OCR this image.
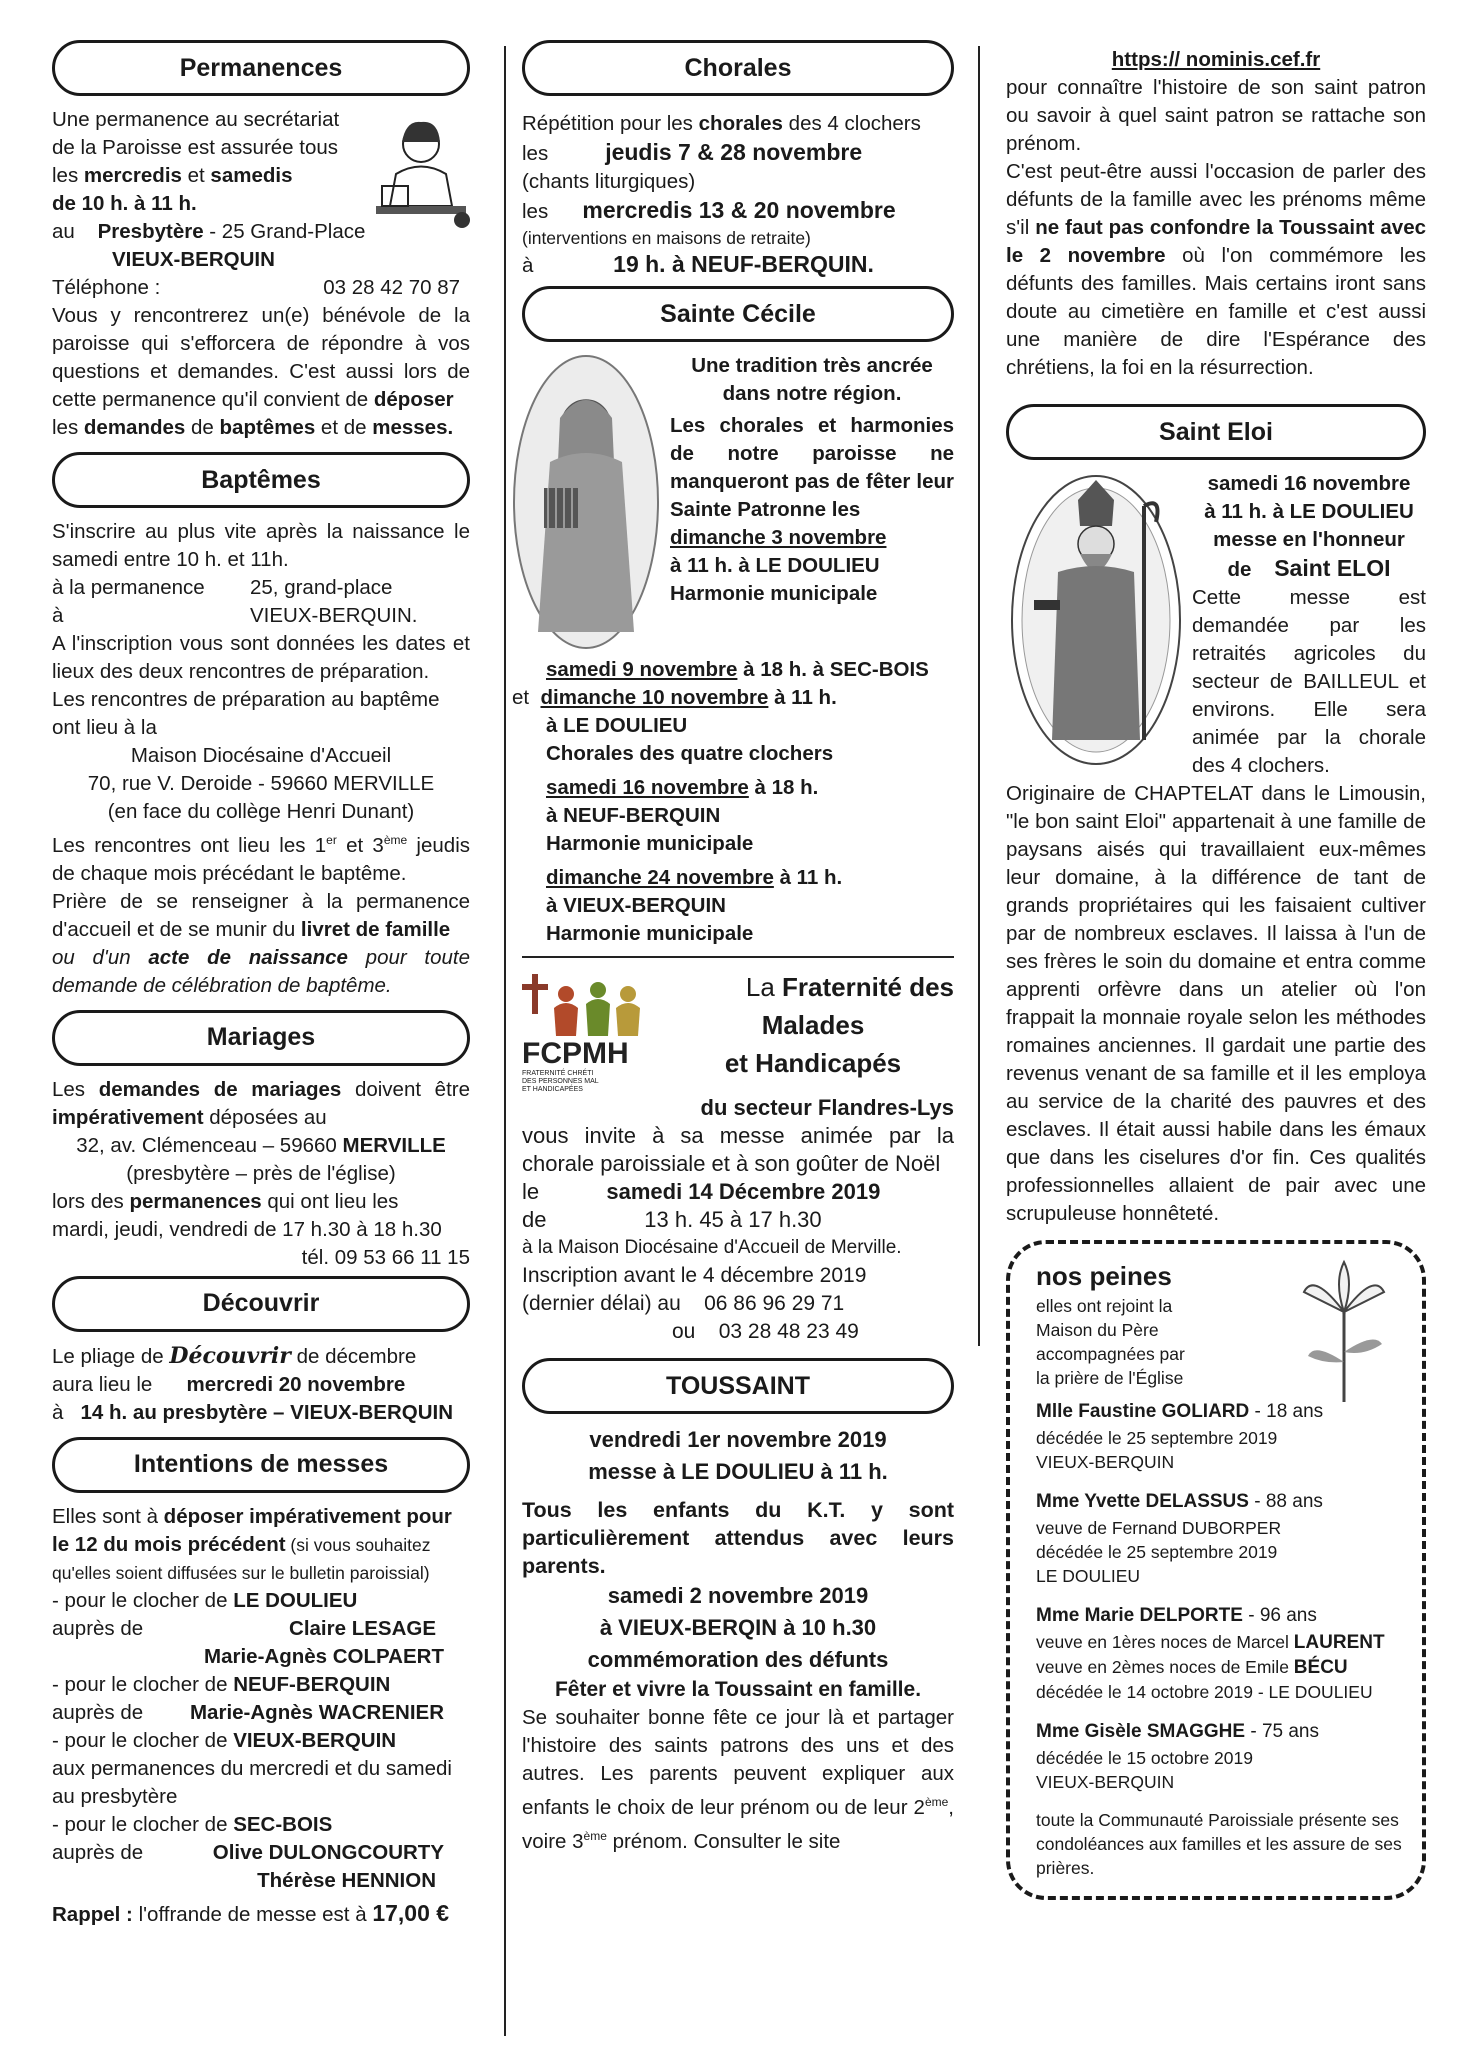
Permanences
Une permanence au secrétariat
de la Paroisse est assurée tous
les mercredis et samedis
de 10 h. à 11 h.
au Presbytère - 25 Grand-Place
VIEUX-BERQUIN
Téléphone :	03 28 42 70 87
Vous y rencontrerez un(e) bénévole de la paroisse qui s'efforcera de répondre à vos questions et demandes. C'est aussi lors de cette permanence qu'il convient de déposer
les demandes de baptêmes et de messes.
Baptêmes
S'inscrire au plus vite après la naissance le samedi entre 10 h. et 11h.
à la permanence 25, grand-place
à	VIEUX-BERQUIN.
A l'inscription vous sont données les dates et lieux des deux rencontres de préparation.
Les rencontres de préparation au baptême ont lieu à la
Maison Diocésaine d'Accueil
70, rue V. Deroide - 59660 MERVILLE
(en face du collège Henri Dunant)
Les rencontres ont lieu les 1er et 3ème jeudis de chaque mois précédant le baptême.
Prière de se renseigner à la permanence d'accueil et de se munir du livret de famille
ou d'un acte de naissance pour toute demande de célébration de baptême.
Mariages
Les demandes de mariages doivent être impérativement déposées au
32, av. Clémenceau – 59660 MERVILLE
(presbytère – près de l'église)
lors des permanences qui ont lieu les
mardi, jeudi, vendredi de 17 h.30 à 18 h.30
tél. 09 53 66 11 15
Découvrir
Le pliage de Découvrir de décembre
aura lieu le mercredi 20 novembre
à 14 h. au presbytère – VIEUX-BERQUIN
Intentions de messes
Elles sont à déposer impérativement pour le 12 du mois précédent (si vous souhaitez qu'elles soient diffusées sur le bulletin paroissial)
- pour le clocher de LE DOULIEU
auprès de	Claire LESAGE
Marie-Agnès COLPAERT
- pour le clocher de NEUF-BERQUIN
auprès de Marie-Agnès WACRENIER
- pour le clocher de VIEUX-BERQUIN
aux permanences du mercredi et du samedi au presbytère
- pour le clocher de SEC-BOIS
auprès de	Olive DULONGCOURTY
Thérèse HENNION
Rappel : l'offrande de messe est à 17,00 €
Chorales
Répétition pour les chorales des 4 clochers
les jeudis 7 & 28 novembre
(chants liturgiques)
les mercredis 13 & 20 novembre
(interventions en maisons de retraite)
à	19 h. à NEUF-BERQUIN.
Sainte Cécile
Une tradition très ancrée dans notre région.
Les chorales et harmonies de notre paroisse ne manqueront pas de fêter leur Sainte Patronne les
dimanche 3 novembre
à 11 h. à LE DOULIEU
Harmonie municipale
samedi 9 novembre à 18 h. à SEC-BOIS
et dimanche 10 novembre à 11 h.
à LE DOULIEU
Chorales des quatre clochers
samedi 16 novembre à 18 h.
à NEUF-BERQUIN
Harmonie municipale
dimanche 24 novembre à 11 h.
à VIEUX-BERQUIN
Harmonie municipale
FCPMH
FRATERNITÉ CHRÉTI
DES PERSONNES MAL
ET HANDICAPÉES
La Fraternité des
Malades
et Handicapés
du secteur Flandres-Lys
vous invite à sa messe animée par la chorale paroissiale et à son goûter de Noël
le	samedi 14 Décembre 2019
de	13 h. 45 à 17 h.30
à la Maison Diocésaine d'Accueil de Merville.
Inscription avant le 4 décembre 2019
(dernier délai) au 06 86 96 29 71
ou 03 28 48 23 49
TOUSSAINT
vendredi 1er novembre 2019
messe à LE DOULIEU à 11 h.
Tous les enfants du K.T. y sont particulièrement attendus avec leurs parents.
samedi 2 novembre 2019
à VIEUX-BERQIN à 10 h.30
commémoration des défunts
Fêter et vivre la Toussaint en famille.
Se souhaiter bonne fête ce jour là et partager l'histoire des saints patrons des uns et des autres. Les parents peuvent expliquer aux enfants le choix de leur prénom ou de leur 2ème, voire 3ème prénom. Consulter le site
https:// nominis.cef.fr
pour connaître l'histoire de son saint patron ou savoir à quel saint patron se rattache son prénom.
C'est peut-être aussi l'occasion de parler des défunts de la famille avec les prénoms même s'il ne faut pas confondre la Toussaint avec le 2 novembre où l'on commémore les défunts des familles. Mais certains iront sans doute au cimetière en famille et c'est aussi une manière de dire l'Espérance des chrétiens, la foi en la résurrection.
Saint Eloi
samedi 16 novembre
à 11 h. à LE DOULIEU
messe en l'honneur
de Saint ELOI
Cette messe est demandée par les retraités agricoles du secteur de BAILLEUL et environs. Elle sera animée par la chorale des 4 clochers.
Originaire de CHAPTELAT dans le Limousin, "le bon saint Eloi" appartenait à une famille de paysans aisés qui travaillaient eux-mêmes leur domaine, à la différence de tant de grands propriétaires qui les faisaient cultiver par de nombreux esclaves. Il laissa à l'un de ses frères le soin du domaine et entra comme apprenti orfèvre dans un atelier où l'on frappait la monnaie royale selon les méthodes romaines anciennes. Il gardait une partie des revenus venant de sa famille et il les employa au service de la charité des pauvres et des esclaves. Il était aussi habile dans les émaux que dans les ciselures d'or fin. Ces qualités professionnelles allaient de pair avec une scrupuleuse honnêteté.
nos peines
elles ont rejoint la
Maison du Père
accompagnées par
la prière de l'Église
Mlle Faustine GOLIARD - 18 ans
décédée le 25 septembre 2019
VIEUX-BERQUIN
Mme Yvette DELASSUS - 88 ans
veuve de Fernand DUBORPER
décédée le 25 septembre 2019
LE DOULIEU
Mme Marie DELPORTE - 96 ans
veuve en 1ères noces de Marcel LAURENT
veuve en 2èmes noces de Emile BÉCU
décédée le 14 octobre 2019 - LE DOULIEU
Mme Gisèle SMAGGHE - 75 ans
décédée le 15 octobre 2019
VIEUX-BERQUIN
toute la Communauté Paroissiale présente ses condoléances aux familles et les assure de ses prières.
